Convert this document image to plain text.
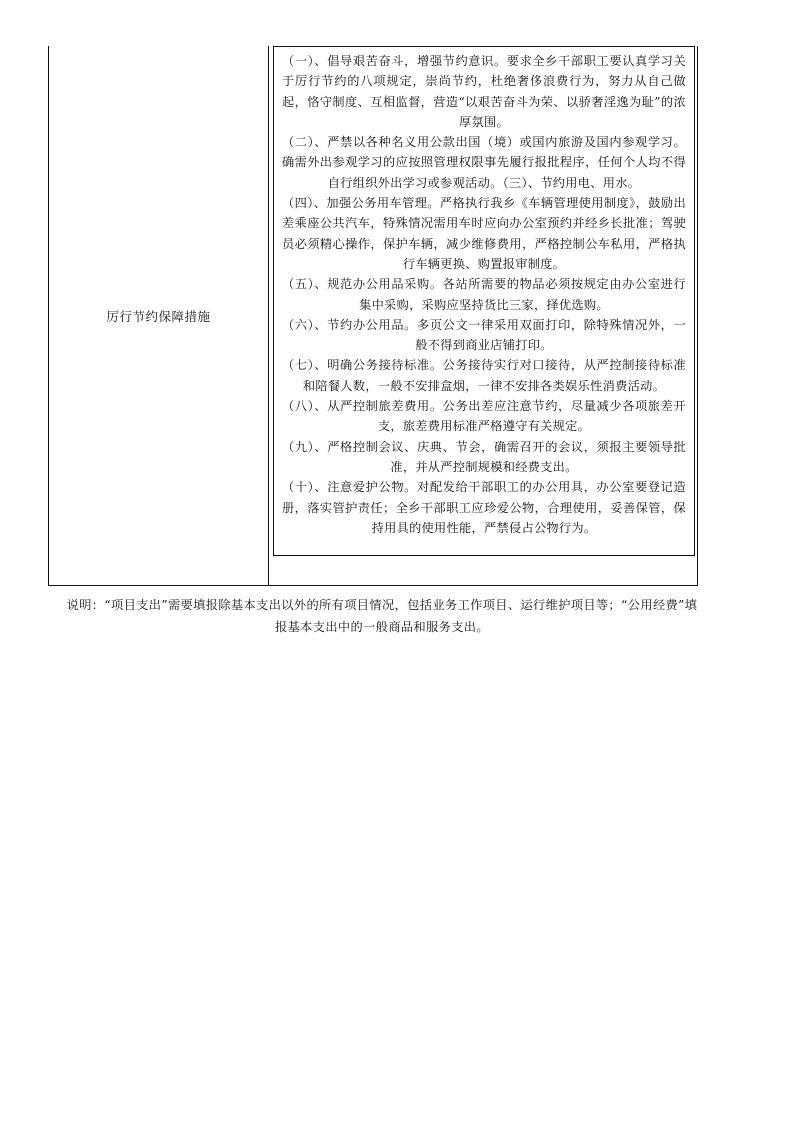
厉行节约保障措施

（一）、倡导艰苦奋斗，增强节约意识。要求全乡干部职工要认真学习关于厉行节约的八项规定，崇尚节约，杜绝奢侈浪费行为，努力从自己做起，恪守制度、互相监督，营造“以艰苦奋斗为荣、以骄奢淫逸为耻”的浓厚氛围。

（二）、严禁以各种名义用公款出国（境）或国内旅游及国内参观学习。确需外出参观学习的应按照管理权限事先履行报批程序，任何个人均不得自行组织外出学习或参观活动。（三）、节约用电、用水。

（四）、加强公务用车管理。严格执行我乡《车辆管理使用制度》，鼓励出差乘座公共汽车，特殊情况需用车时应向办公室预约并经乡长批准；驾驶员必须精心操作，保护车辆，减少维修费用，严格控制公车私用，严格执行车辆更换、购置报审制度。

（五）、规范办公用品采购。各站所需要的物品必须按规定由办公室进行集中采购，采购应坚持货比三家，择优选购。

（六）、节约办公用品。多页公文一律采用双面打印，除特殊情况外，一般不得到商业店铺打印。

（七）、明确公务接待标准。公务接待实行对口接待，从严控制接待标准和陪餐人数，一般不安排盒烟，一律不安排各类娱乐性消费活动。

（八）、从严控制旅差费用。公务出差应注意节约，尽量减少各项旅差开支，旅差费用标准严格遵守有关规定。

（九）、严格控制会议、庆典、节会，确需召开的会议，须报主要领导批准，并从严控制规模和经费支出。

（十）、注意爱护公物。对配发给干部职工的办公用具，办公室要登记造册，落实管护责任；全乡干部职工应珍爱公物，合理使用，妥善保管，保持用具的使用性能，严禁侵占公物行为。

说明：“项目支出”需要填报除基本支出以外的所有项目情况，包括业务工作项目、运行维护项目等；“公用经费”填报基本支出中的一般商品和服务支出。
